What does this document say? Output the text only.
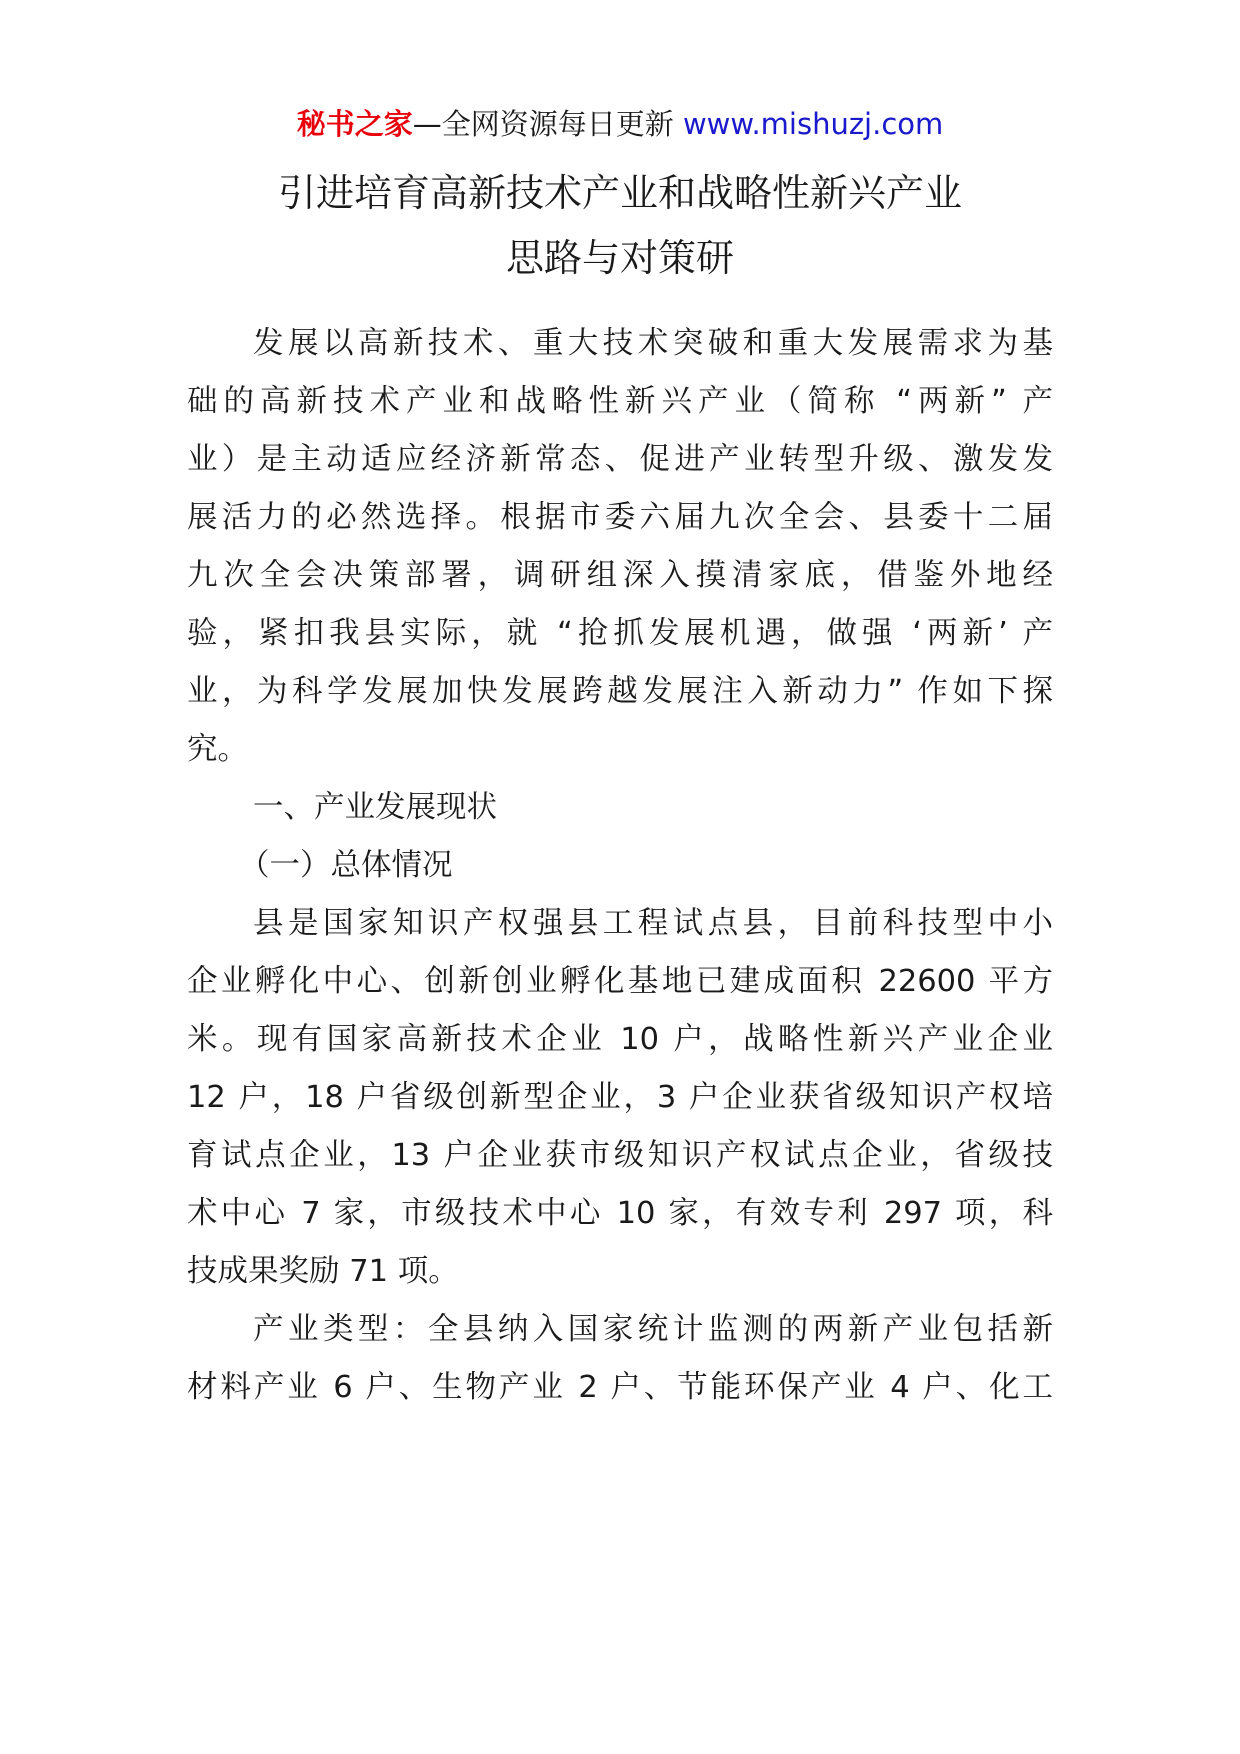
秘书之家—全网资源每日更新 www.mishuzj.com
引进培育高新技术产业和战略性新兴产业
思路与对策研
发展以高新技术、重大技术突破和重大发展需求为基
础的高新技术产业和战略性新兴产业（简称 “两新” 产
业）是主动适应经济新常态、促进产业转型升级、激发发
展活力的必然选择。根据市委六届九次全会、县委十二届
九次全会决策部署，调研组深入摸清家底，借鉴外地经
验，紧扣我县实际，就 “抢抓发展机遇，做强 ‘两新’ 产
业，为科学发展加快发展跨越发展注入新动力” 作如下探
究。
一、产业发展现状
（一）总体情况
县是国家知识产权强县工程试点县，目前科技型中小
企业孵化中心、创新创业孵化基地已建成面积 22600 平方
米。现有国家高新技术企业 10 户，战略性新兴产业企业
12 户，18 户省级创新型企业，3 户企业获省级知识产权培
育试点企业，13 户企业获市级知识产权试点企业，省级技
术中心 7 家，市级技术中心 10 家，有效专利 297 项，科
技成果奖励 71 项。
产业类型：全县纳入国家统计监测的两新产业包括新
材料产业 6 户、生物产业 2 户、节能环保产业 4 户、化工
